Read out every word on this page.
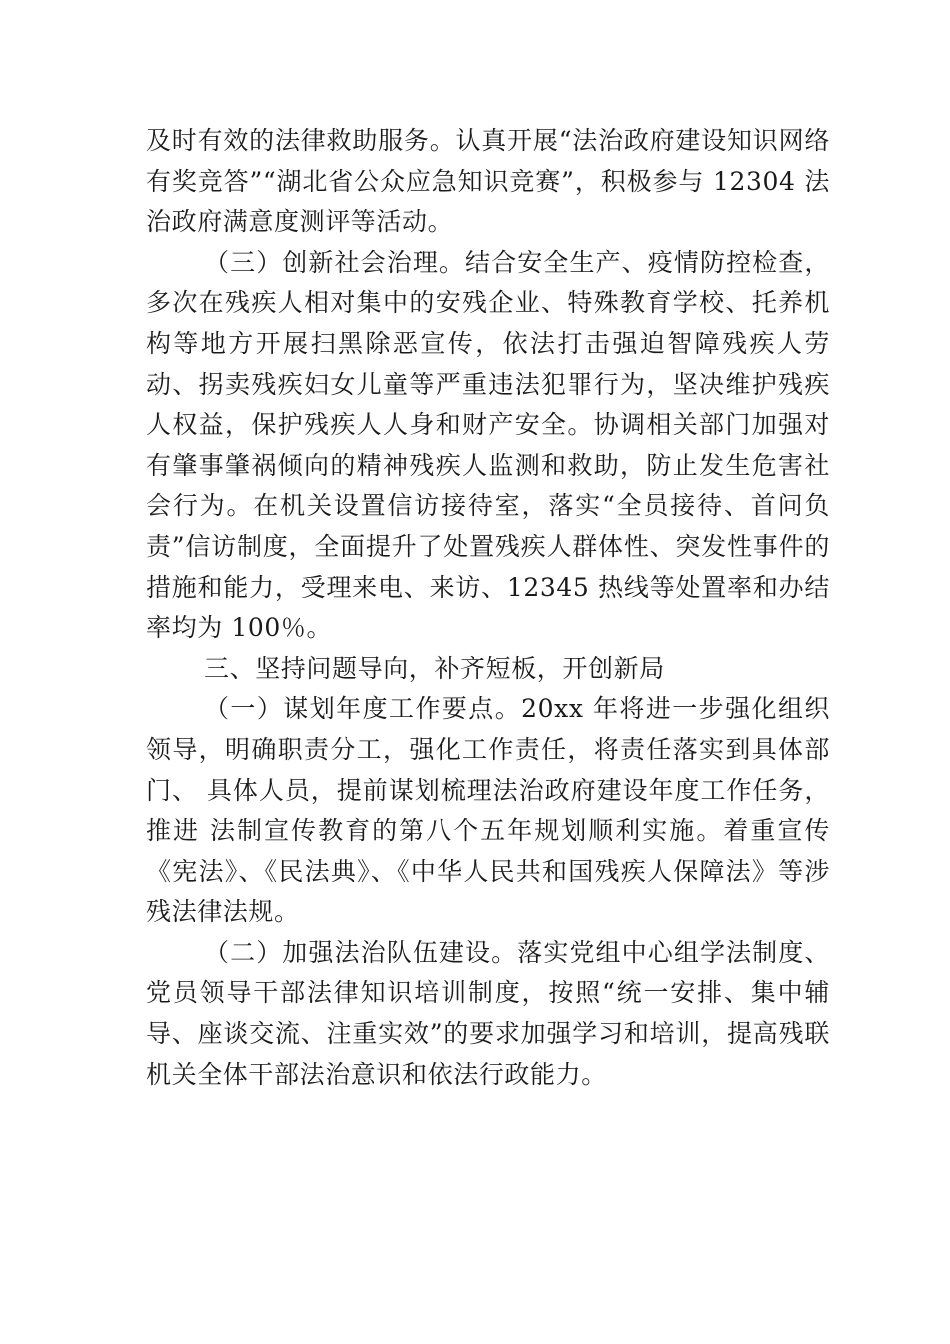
及时有效的法律救助服务。认真开展“法治政府建设知识网络有奖竞答”“湖北省公众应急知识竞赛”，积极参与 12304 法治政府满意度测评等活动。

（三）创新社会治理。结合安全生产、疫情防控检查，多次在残疾人相对集中的安残企业、特殊教育学校、托养机构等地方开展扫黑除恶宣传，依法打击强迫智障残疾人劳动、拐卖残疾妇女儿童等严重违法犯罪行为，坚决维护残疾人权益，保护残疾人人身和财产安全。协调相关部门加强对有肇事肇祸倾向的精神残疾人监测和救助，防止发生危害社会行为。在机关设置信访接待室，落实“全员接待、首问负责”信访制度，全面提升了处置残疾人群体性、突发性事件的措施和能力，受理来电、来访、12345 热线等处置率和办结率均为 100％。

三、坚持问题导向，补齐短板，开创新局

（一）谋划年度工作要点。20xx 年将进一步强化组织领导，明确职责分工，强化工作责任，将责任落实到具体部门、 具体人员，提前谋划梳理法治政府建设年度工作任务，推进 法制宣传教育的第八个五年规划顺利实施。着重宣传《宪法》、《民法典》、《中华人民共和国残疾人保障法》等涉残法律法规。

（二）加强法治队伍建设。落实党组中心组学法制度、党员领导干部法律知识培训制度，按照“统一安排、集中辅导、座谈交流、注重实效”的要求加强学习和培训，提高残联机关全体干部法治意识和依法行政能力。
